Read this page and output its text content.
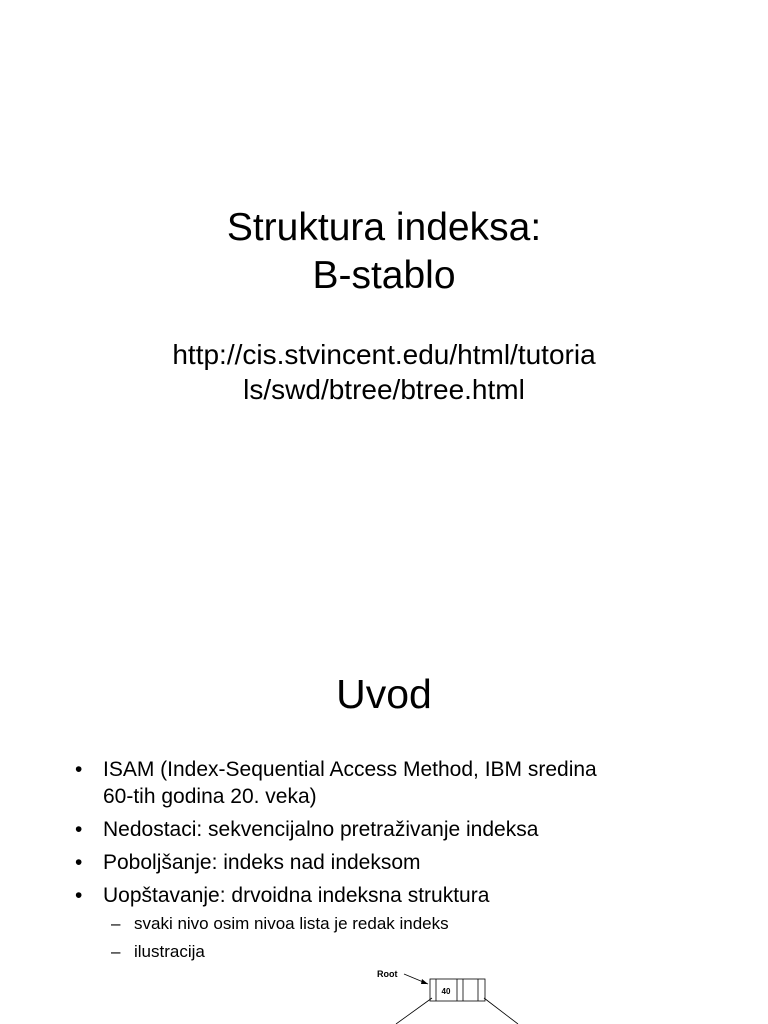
Struktura indeksa:
B-stablo
http://cis.stvincent.edu/html/tutoria
ls/swd/btree/btree.html
Uvod
• ISAM (Index-Sequential Access Method, IBM sredina
60-tih godina 20. veka)
• Nedostaci: sekvencijalno pretraživanje indeksa
• Poboljšanje: indeks nad indeksom
• Uopštavanje: drvoidna indeksna struktura
– svaki nivo osim nivoa lista je redak indeks
– ilustracija
Root
40
